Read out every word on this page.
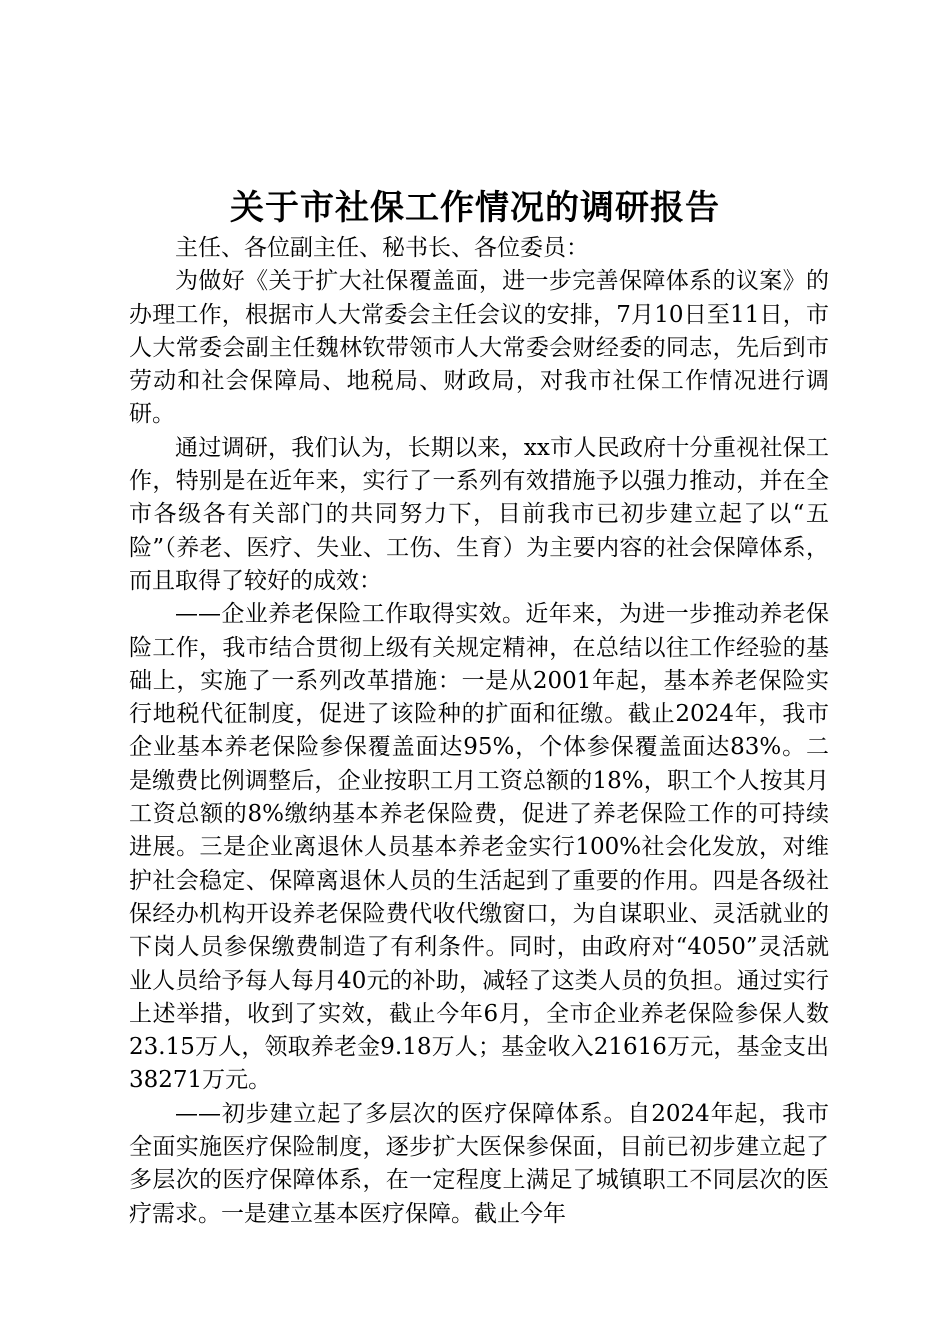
关于市社保工作情况的调研报告

主任、各位副主任、秘书长、各位委员：

为做好《关于扩大社保覆盖面，进一步完善保障体系的议案》的办理工作，根据市人大常委会主任会议的安排，7月10日至11日，市人大常委会副主任魏林钦带领市人大常委会财经委的同志，先后到市劳动和社会保障局、地税局、财政局，对我市社保工作情况进行调研。

通过调研，我们认为，长期以来，xx市人民政府十分重视社保工作，特别是在近年来，实行了一系列有效措施予以强力推动，并在全市各级各有关部门的共同努力下，目前我市已初步建立起了以“五险”（养老、医疗、失业、工伤、生育）为主要内容的社会保障体系，而且取得了较好的成效：

——企业养老保险工作取得实效。近年来，为进一步推动养老保险工作，我市结合贯彻上级有关规定精神，在总结以往工作经验的基础上，实施了一系列改革措施：一是从2001年起，基本养老保险实行地税代征制度，促进了该险种的扩面和征缴。截止2024年，我市企业基本养老保险参保覆盖面达95%，个体参保覆盖面达83%。二是缴费比例调整后，企业按职工月工资总额的18%，职工个人按其月工资总额的8%缴纳基本养老保险费，促进了养老保险工作的可持续进展。三是企业离退休人员基本养老金实行100%社会化发放，对维护社会稳定、保障离退休人员的生活起到了重要的作用。四是各级社保经办机构开设养老保险费代收代缴窗口，为自谋职业、灵活就业的下岗人员参保缴费制造了有利条件。同时，由政府对“4050”灵活就业人员给予每人每月40元的补助，减轻了这类人员的负担。通过实行上述举措，收到了实效，截止今年6月，全市企业养老保险参保人数23.15万人，领取养老金9.18万人；基金收入21616万元，基金支出38271万元。

——初步建立起了多层次的医疗保障体系。自2024年起，我市全面实施医疗保险制度，逐步扩大医保参保面，目前已初步建立起了多层次的医疗保障体系，在一定程度上满足了城镇职工不同层次的医疗需求。一是建立基本医疗保障。截止今年
